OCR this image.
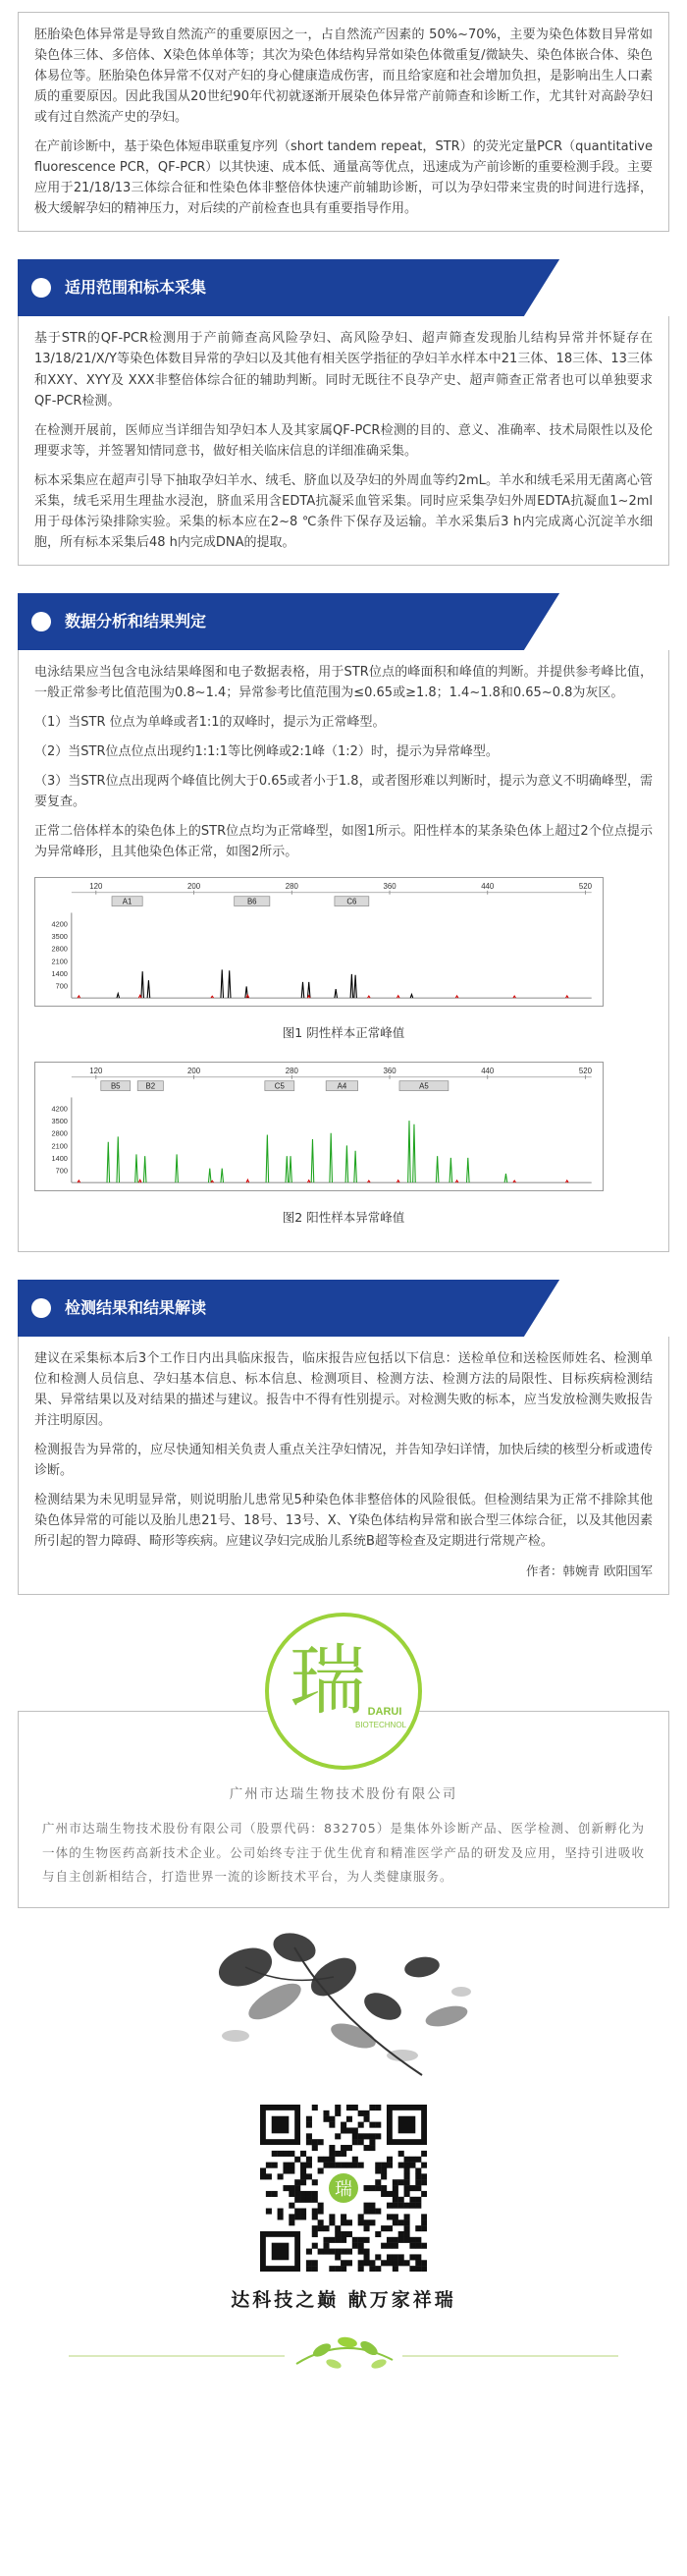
胚胎染色体异常是导致自然流产的重要原因之一，占自然流产因素的 50%~70%，主要为染色体数目异常如染色体三体、多倍体、X染色体单体等；其次为染色体结构异常如染色体微重复/微缺失、染色体嵌合体、染色体易位等。胚胎染色体异常不仅对产妇的身心健康造成伤害，而且给家庭和社会增加负担，是影响出生人口素质的重要原因。因此我国从20世纪90年代初就逐渐开展染色体异常产前筛查和诊断工作，尤其针对高龄孕妇或有过自然流产史的孕妇。

在产前诊断中，基于染色体短串联重复序列（short tandem repeat，STR）的荧光定量PCR（quantitative fluorescence PCR，QF-PCR）以其快速、成本低、通量高等优点，迅速成为产前诊断的重要检测手段。主要应用于21/18/13三体综合征和性染色体非整倍体快速产前辅助诊断，可以为孕妇带来宝贵的时间进行选择，极大缓解孕妇的精神压力，对后续的产前检查也具有重要指导作用。

适用范围和标本采集

基于STR的QF-PCR检测用于产前筛查高风险孕妇、高风险孕妇、超声筛查发现胎儿结构异常并怀疑存在13/18/21/X/Y等染色体数目异常的孕妇以及其他有相关医学指征的孕妇羊水样本中21三体、18三体、13三体和XXY、XYY及 XXX非整倍体综合征的辅助判断。同时无既往不良孕产史、超声筛查正常者也可以单独要求QF-PCR检测。

在检测开展前，医师应当详细告知孕妇本人及其家属QF-PCR检测的目的、意义、准确率、技术局限性以及伦理要求等，并签署知情同意书，做好相关临床信息的详细准确采集。

标本采集应在超声引导下抽取孕妇羊水、绒毛、脐血以及孕妇的外周血等约2mL。羊水和绒毛采用无菌离心管采集，绒毛采用生理盐水浸泡，脐血采用含EDTA抗凝采血管采集。同时应采集孕妇外周EDTA抗凝血1~2ml用于母体污染排除实验。采集的标本应在2~8 ℃条件下保存及运输。羊水采集后3 h内完成离心沉淀羊水细胞，所有标本采集后48 h内完成DNA的提取。

数据分析和结果判定

电泳结果应当包含电泳结果峰图和电子数据表格，用于STR位点的峰面积和峰值的判断。并提供参考峰比值，一般正常参考比值范围为0.8~1.4；异常参考比值范围为≤0.65或≥1.8；1.4~1.8和0.65~0.8为灰区。

（1）当STR 位点为单峰或者1:1的双峰时，提示为正常峰型。

（2）当STR位点位点出现约1:1:1等比例峰或2:1峰（1:2）时，提示为异常峰型。

（3）当STR位点出现两个峰值比例大于0.65或者小于1.8，或者图形难以判断时，提示为意义不明确峰型，需要复查。

正常二倍体样本的染色体上的STR位点均为正常峰型，如图1所示。阳性样本的某条染色体上超过2个位点提示为异常峰形，且其他染色体正常，如图2所示。

120	200	280	360	440	520
A1	B6	C6
700
1400
2100
2800
3500
4200
图1 阴性样本正常峰值
120	200	280	360	440	520
B5	B2	C5	A4	A5
700
1400
2100
2800
3500
4200
图2 阳性样本异常峰值
检测结果和结果解读

建议在采集标本后3个工作日内出具临床报告，临床报告应包括以下信息：送检单位和送检医师姓名、检测单位和检测人员信息、孕妇基本信息、标本信息、检测项目、检测方法、检测方法的局限性、目标疾病检测结果、异常结果以及对结果的描述与建议。报告中不得有性别提示。对检测失败的标本，应当发放检测失败报告并注明原因。

检测报告为异常的，应尽快通知相关负责人重点关注孕妇情况，并告知孕妇详情，加快后续的核型分析或遗传诊断。

检测结果为未见明显异常，则说明胎儿患常见5种染色体非整倍体的风险很低。但检测结果为正常不排除其他染色体异常的可能以及胎儿患21号、18号、13号、X、Y染色体结构异常和嵌合型三体综合征，以及其他因素所引起的智力障碍、畸形等疾病。应建议孕妇完成胎儿系统B超等检查及定期进行常规产检。

作者：韩婉青 欧阳国军
瑞 DARUI
BIOTECHNOL
广州市达瑞生物技术股份有限公司
广州市达瑞生物技术股份有限公司（股票代码：832705）是集体外诊断产品、医学检测、创新孵化为一体的生物医药高新技术企业。公司始终专注于优生优育和精准医学产品的研发及应用，坚持引进吸收与自主创新相结合，打造世界一流的诊断技术平台，为人类健康服务。
瑞
达科技之巅 献万家祥瑞
